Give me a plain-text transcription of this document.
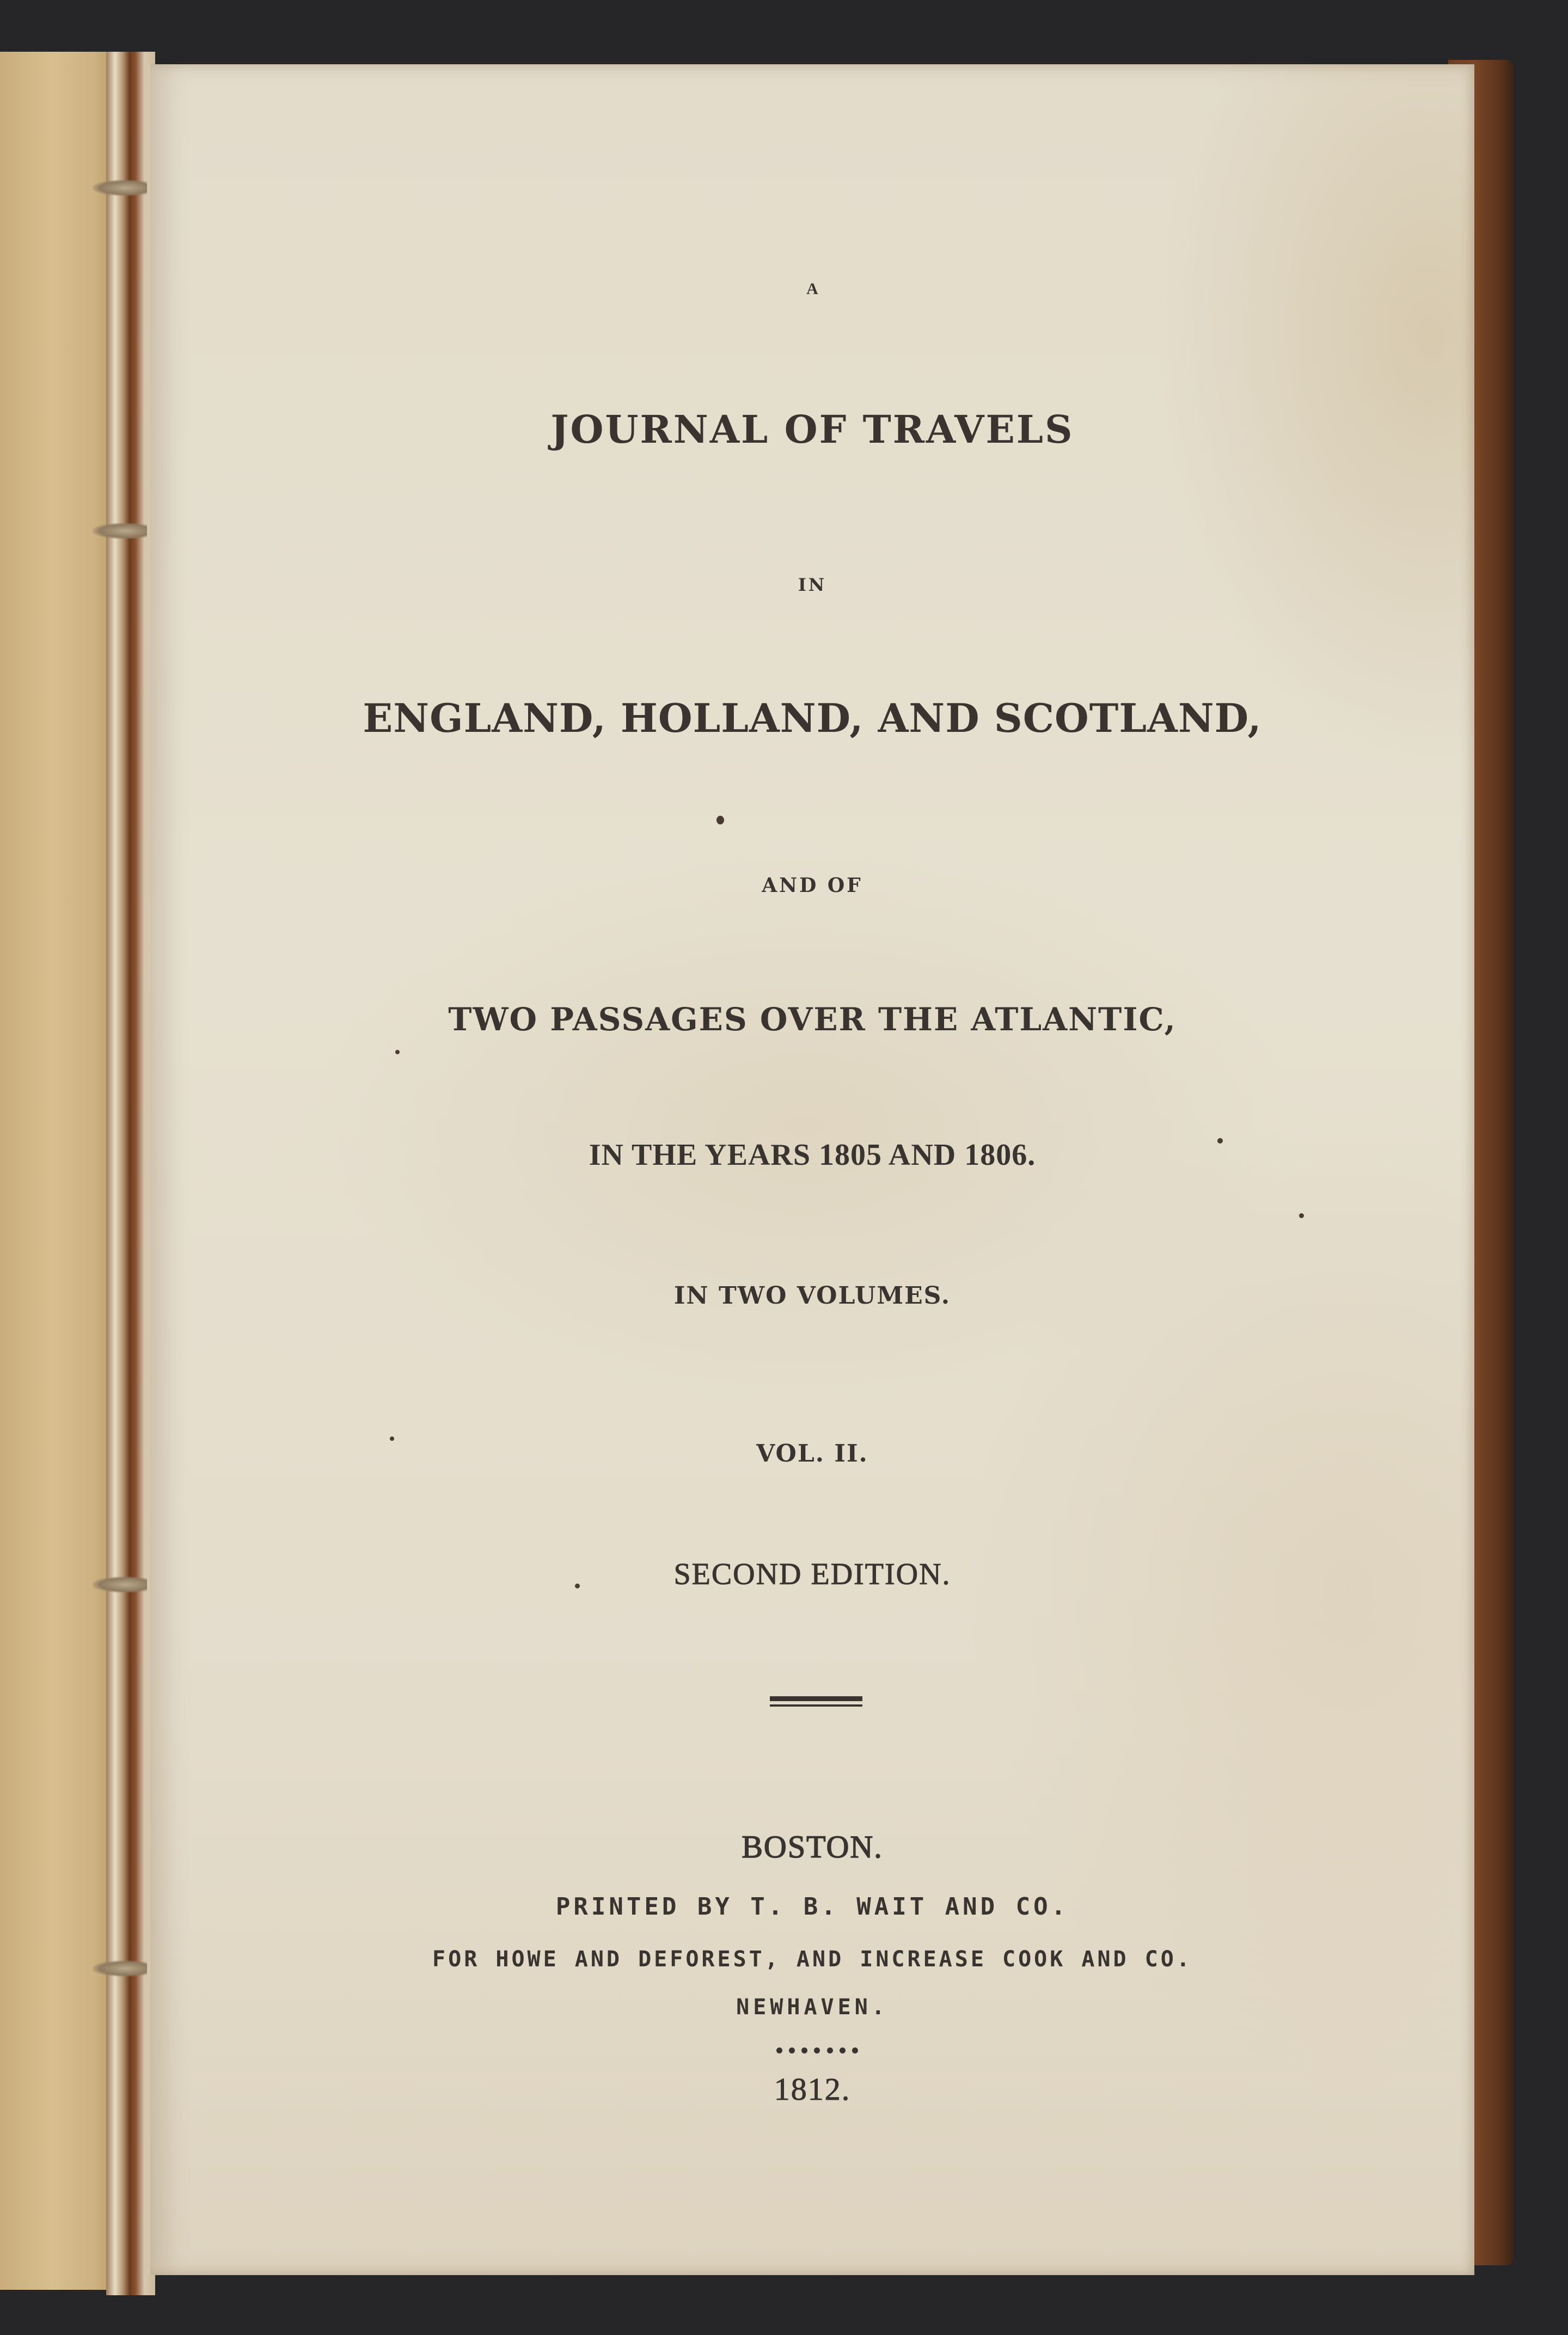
A

JOURNAL OF TRAVELS

IN

ENGLAND, HOLLAND, AND SCOTLAND,

AND OF

TWO PASSAGES OVER THE ATLANTIC,

IN THE YEARS 1805 AND 1806.

IN TWO VOLUMES.

VOL. II.

SECOND EDITION.

BOSTON.

PRINTED BY T. B. WAIT AND CO.

FOR HOWE AND DEFOREST, AND INCREASE COOK AND CO.

NEWHAVEN.

1812.
